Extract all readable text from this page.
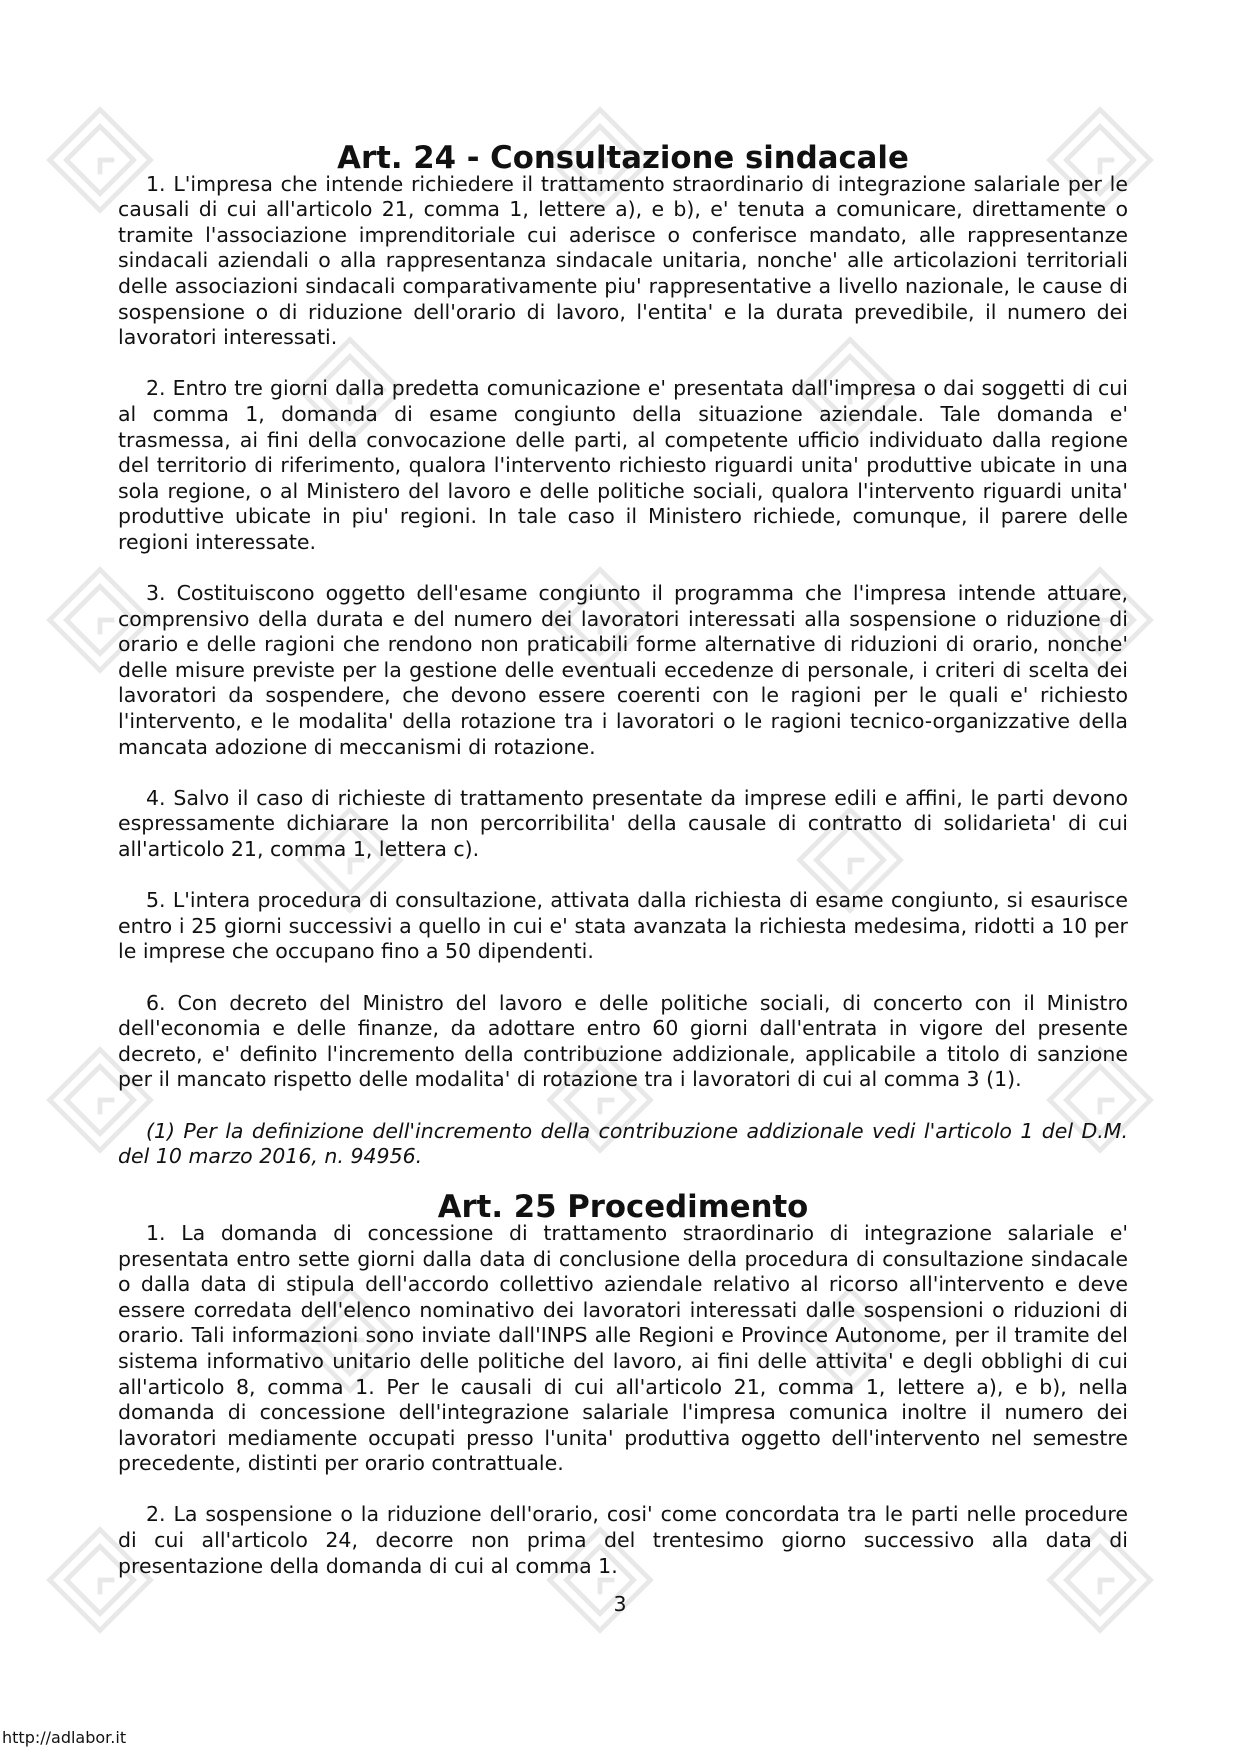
Art. 24 - Consultazione sindacale

1. L'impresa che intende richiedere il trattamento straordinario di integrazione salariale per le causali di cui all'articolo 21, comma 1, lettere a), e b), e' tenuta a comunicare, direttamente o tramite l'associazione imprenditoriale cui aderisce o conferisce mandato, alle rappresentanze sindacali aziendali o alla rappresentanza sindacale unitaria, nonche' alle articolazioni territoriali delle associazioni sindacali comparativamente piu' rappresentative a livello nazionale, le cause di sospensione o di riduzione dell'orario di lavoro, l'entita' e la durata prevedibile, il numero dei lavoratori interessati.

2. Entro tre giorni dalla predetta comunicazione e' presentata dall'impresa o dai soggetti di cui al comma 1, domanda di esame congiunto della situazione aziendale. Tale domanda e' trasmessa, ai fini della convocazione delle parti, al competente ufficio individuato dalla regione del territorio di riferimento, qualora l'intervento richiesto riguardi unita' produttive ubicate in una sola regione, o al Ministero del lavoro e delle politiche sociali, qualora l'intervento riguardi unita' produttive ubicate in piu' regioni. In tale caso il Ministero richiede, comunque, il parere delle regioni interessate.

3. Costituiscono oggetto dell'esame congiunto il programma che l'impresa intende attuare, comprensivo della durata e del numero dei lavoratori interessati alla sospensione o riduzione di orario e delle ragioni che rendono non praticabili forme alternative di riduzioni di orario, nonche' delle misure previste per la gestione delle eventuali eccedenze di personale, i criteri di scelta dei lavoratori da sospendere, che devono essere coerenti con le ragioni per le quali e' richiesto l'intervento, e le modalita' della rotazione tra i lavoratori o le ragioni tecnico-organizzative della mancata adozione di meccanismi di rotazione.

4. Salvo il caso di richieste di trattamento presentate da imprese edili e affini, le parti devono espressamente dichiarare la non percorribilita' della causale di contratto di solidarieta' di cui all'articolo 21, comma 1, lettera c).

5. L'intera procedura di consultazione, attivata dalla richiesta di esame congiunto, si esaurisce entro i 25 giorni successivi a quello in cui e' stata avanzata la richiesta medesima, ridotti a 10 per le imprese che occupano fino a 50 dipendenti.

6. Con decreto del Ministro del lavoro e delle politiche sociali, di concerto con il Ministro dell'economia e delle finanze, da adottare entro 60 giorni dall'entrata in vigore del presente decreto, e' definito l'incremento della contribuzione addizionale, applicabile a titolo di sanzione per il mancato rispetto delle modalita' di rotazione tra i lavoratori di cui al comma 3 (1).

(1) Per la definizione dell'incremento della contribuzione addizionale vedi l'articolo 1 del D.M. del 10 marzo 2016, n. 94956.

Art. 25 Procedimento

1. La domanda di concessione di trattamento straordinario di integrazione salariale e' presentata entro sette giorni dalla data di conclusione della procedura di consultazione sindacale o dalla data di stipula dell'accordo collettivo aziendale relativo al ricorso all'intervento e deve essere corredata dell'elenco nominativo dei lavoratori interessati dalle sospensioni o riduzioni di orario. Tali informazioni sono inviate dall'INPS alle Regioni e Province Autonome, per il tramite del sistema informativo unitario delle politiche del lavoro, ai fini delle attivita' e degli obblighi di cui all'articolo 8, comma 1. Per le causali di cui all'articolo 21, comma 1, lettere a), e b), nella domanda di concessione dell'integrazione salariale l'impresa comunica inoltre il numero dei lavoratori mediamente occupati presso l'unita' produttiva oggetto dell'intervento nel semestre precedente, distinti per orario contrattuale.

2. La sospensione o la riduzione dell'orario, cosi' come concordata tra le parti nelle procedure di cui all'articolo 24, decorre non prima del trentesimo giorno successivo alla data di presentazione della domanda di cui al comma 1.

3
http://adlabor.it
